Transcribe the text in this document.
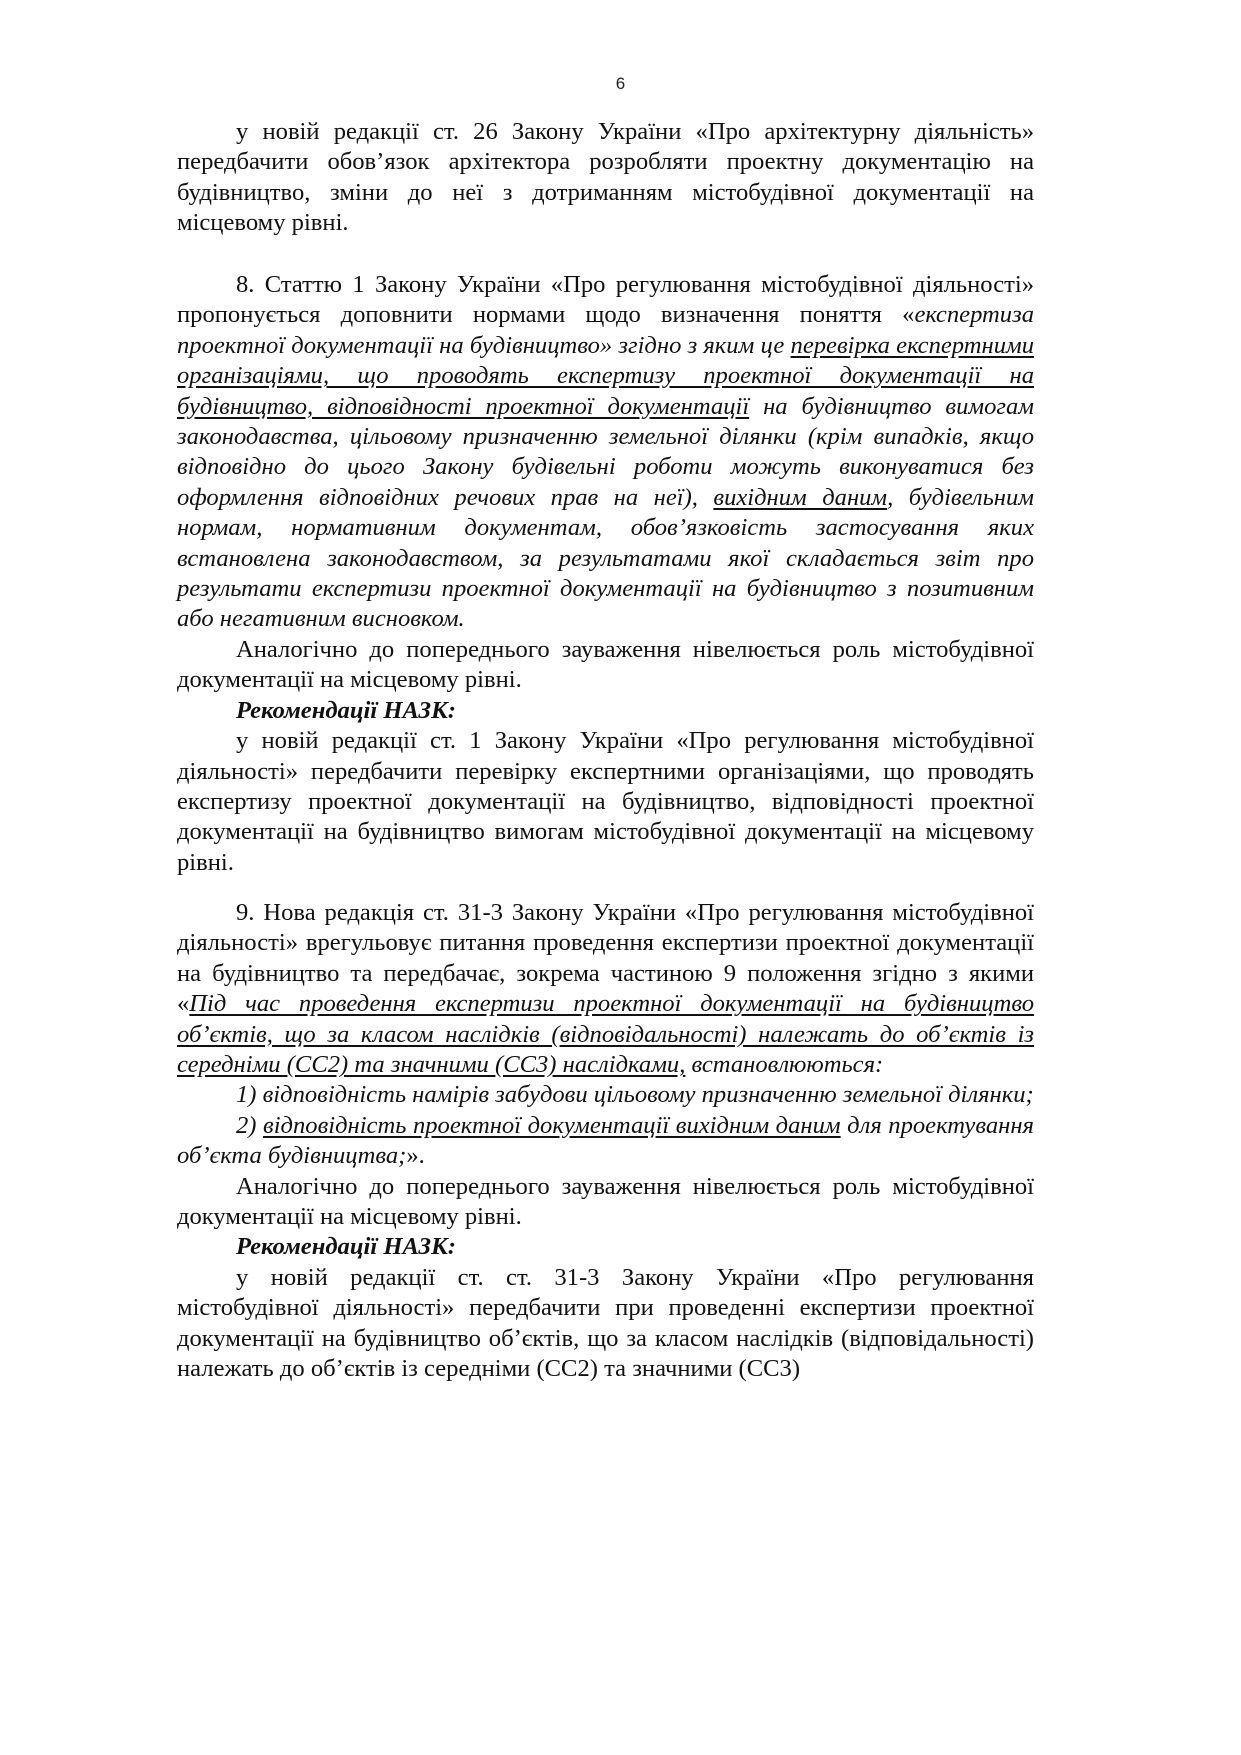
6

у новій редакції ст. 26 Закону України «Про архітектурну діяльність» передбачити обов’язок архітектора розробляти проектну документацію на будівництво, зміни до неї з дотриманням містобудівної документації на місцевому рівні.

8. Статтю 1 Закону України «Про регулювання містобудівної діяльності» пропонується доповнити нормами щодо визначення поняття «експертиза проектної документації на будівництво» згідно з яким це перевірка експертними організаціями, що проводять експертизу проектної документації на будівництво, відповідності проектної документації на будівництво вимогам законодавства, цільовому призначенню земельної ділянки (крім випадків, якщо відповідно до цього Закону будівельні роботи можуть виконуватися без оформлення відповідних речових прав на неї), вихідним даним, будівельним нормам, нормативним документам, обов’язковість застосування яких встановлена законодавством, за результатами якої складається звіт про результати експертизи проектної документації на будівництво з позитивним або негативним висновком.

Аналогічно до попереднього зауваження нівелюється роль містобудівної документації на місцевому рівні.

Рекомендації НАЗК:

у новій редакції ст. 1 Закону України «Про регулювання містобудівної діяльності» передбачити перевірку експертними організаціями, що проводять експертизу проектної документації на будівництво, відповідності проектної документації на будівництво вимогам містобудівної документації на місцевому рівні.

9. Нова редакція ст. 31-3 Закону України «Про регулювання містобудівної діяльності» врегульовує питання проведення експертизи проектної документації на будівництво та передбачає, зокрема частиною 9 положення згідно з якими «Під час проведення експертизи проектної документації на будівництво об’єктів, що за класом наслідків (відповідальності) належать до об’єктів із середніми (СС2) та значними (СС3) наслідками, встановлюються:

1) відповідність намірів забудови цільовому призначенню земельної ділянки;

2) відповідність проектної документації вихідним даним для проектування об’єкта будівництва;».

Аналогічно до попереднього зауваження нівелюється роль містобудівної документації на місцевому рівні.

Рекомендації НАЗК:

у новій редакції ст. ст. 31-3 Закону України «Про регулювання містобудівної діяльності» передбачити при проведенні експертизи проектної документації на будівництво об’єктів, що за класом наслідків (відповідальності) належать до об’єктів із середніми (СС2) та значними (СС3)
